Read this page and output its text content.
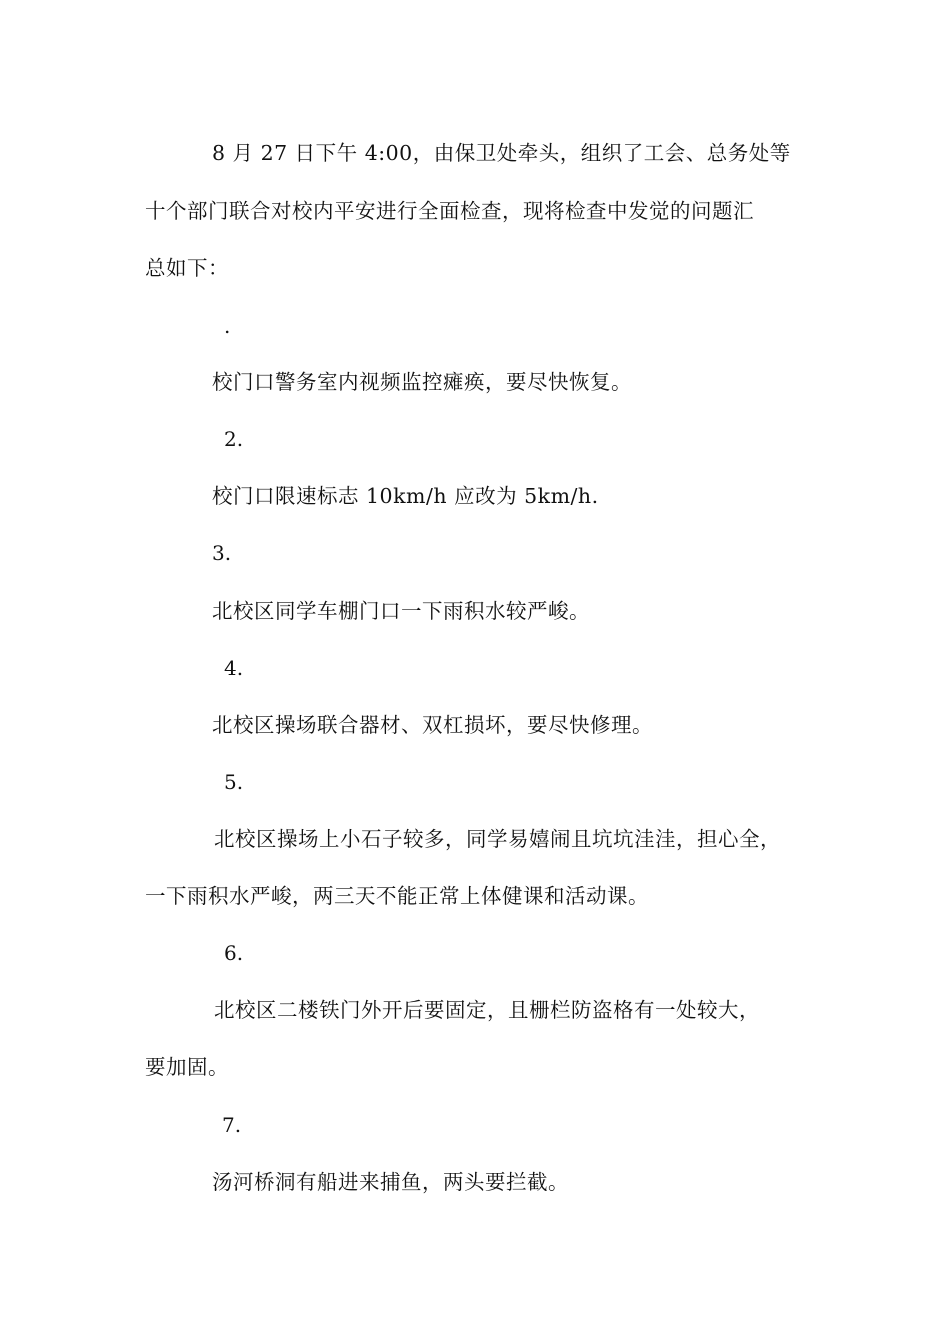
8 月 27 日下午 4:00，由保卫处牵头，组织了工会、总务处等
十个部门联合对校内平安进行全面检查，现将检查中发觉的问题汇
总如下：
.
校门口警务室内视频监控瘫痪，要尽快恢复。
2.
校门口限速标志 10km/h 应改为 5km/h.
3.
北校区同学车棚门口一下雨积水较严峻。
4.
北校区操场联合器材、双杠损坏，要尽快修理。
5.
北校区操场上小石子较多，同学易嬉闹且坑坑洼洼，担心全，
一下雨积水严峻，两三天不能正常上体健课和活动课。
6.
北校区二楼铁门外开后要固定，且栅栏防盗格有一处较大，
要加固。
7.
汤河桥洞有船进来捕鱼，两头要拦截。
